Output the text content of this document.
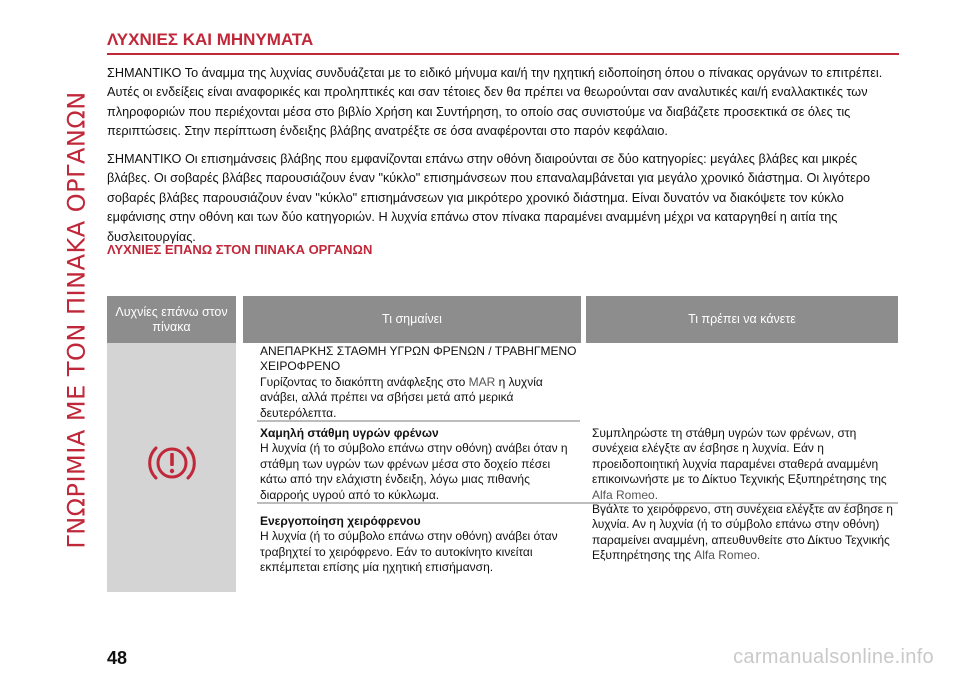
ΓΝΩΡΙΜΙΑ ΜΕ ΤΟΝ ΠΙΝΑΚΑ ΟΡΓΑΝΩΝ
ΛΥΧΝΙΕΣ ΚΑΙ ΜΗΝΥΜΑΤΑ

ΣΗΜΑΝΤΙΚΟ Το άναμμα της λυχνίας συνδυάζεται με το ειδικό μήνυμα και/ή την ηχητική ειδοποίηση όπου ο πίνακας οργάνων το επιτρέπει. Αυτές οι ενδείξεις είναι αναφορικές και προληπτικές και σαν τέτοιες δεν θα πρέπει να θεωρούνται σαν αναλυτικές και/ή εναλλακτικές των πληροφοριών που περιέχονται μέσα στο βιβλίο Χρήση και Συντήρηση, το οποίο σας συνιστούμε να διαβάζετε προσεκτικά σε όλες τις περιπτώσεις. Στην περίπτωση ένδειξης βλάβης ανατρέξτε σε όσα αναφέρονται στο παρόν κεφάλαιο.

ΣΗΜΑΝΤΙΚΟ Οι επισημάνσεις βλάβης που εμφανίζονται επάνω στην οθόνη διαιρούνται σε δύο κατηγορίες: μεγάλες βλάβες και μικρές βλάβες. Οι σοβαρές βλάβες παρουσιάζουν έναν "κύκλο" επισημάνσεων που επαναλαμβάνεται για μεγάλο χρονικό διάστημα. Οι λιγότερο σοβαρές βλάβες παρουσιάζουν έναν "κύκλο" επισημάνσεων για μικρότερο χρονικό διάστημα. Είναι δυνατόν να διακόψετε τον κύκλο εμφάνισης στην οθόνη και των δύο κατηγοριών. Η λυχνία επάνω στον πίνακα παραμένει αναμμένη μέχρι να καταργηθεί η αιτία της δυσλειτουργίας.

ΛΥΧΝΙΕΣ ΕΠΑΝΩ ΣΤΟΝ ΠΙΝΑΚΑ ΟΡΓΑΝΩΝ
Λυχνίες επάνω στον πίνακα
Τι σημαίνει	Τι πρέπει να κάνετε
ΑΝΕΠΑΡΚΗΣ ΣΤΑΘΜΗ ΥΓΡΩΝ ΦΡΕΝΩΝ / ΤΡΑΒΗΓΜΕΝΟ ΧΕΙΡΟΦΡΕΝΟ
Γυρίζοντας το διακόπτη ανάφλεξης στο MAR η λυχνία ανάβει, αλλά πρέπει να σβήσει μετά από μερικά δευτερόλεπτα.
Χαμηλή στάθμη υγρών φρένων
Η λυχνία (ή το σύμβολο επάνω στην οθόνη) ανάβει όταν η στάθμη των υγρών των φρένων μέσα στο δοχείο πέσει κάτω από την ελάχιστη ένδειξη, λόγω μιας πιθανής διαρροής υγρού από το κύκλωμα.
Συμπληρώστε τη στάθμη υγρών των φρένων, στη συνέχεια ελέγξτε αν έσβησε η λυχνία. Εάν η προειδοποιητική λυχνία παραμένει σταθερά αναμμένη επικοινωνήστε με το Δίκτυο Τεχνικής Εξυπηρέτησης της Alfa Romeo.
Ενεργοποίηση χειρόφρενου
Η λυχνία (ή το σύμβολο επάνω στην οθόνη) ανάβει όταν τραβηχτεί το χειρόφρενο. Εάν το αυτοκίνητο κινείται εκπέμπεται επίσης μία ηχητική επισήμανση.
Βγάλτε το χειρόφρενο, στη συνέχεια ελέγξτε αν έσβησε η λυχνία. Αν η λυχνία (ή το σύμβολο επάνω στην οθόνη) παραμείνει αναμμένη, απευθυνθείτε στο Δίκτυο Τεχνικής Εξυπηρέτησης της Alfa Romeo.
48	carmanualsonline.info
